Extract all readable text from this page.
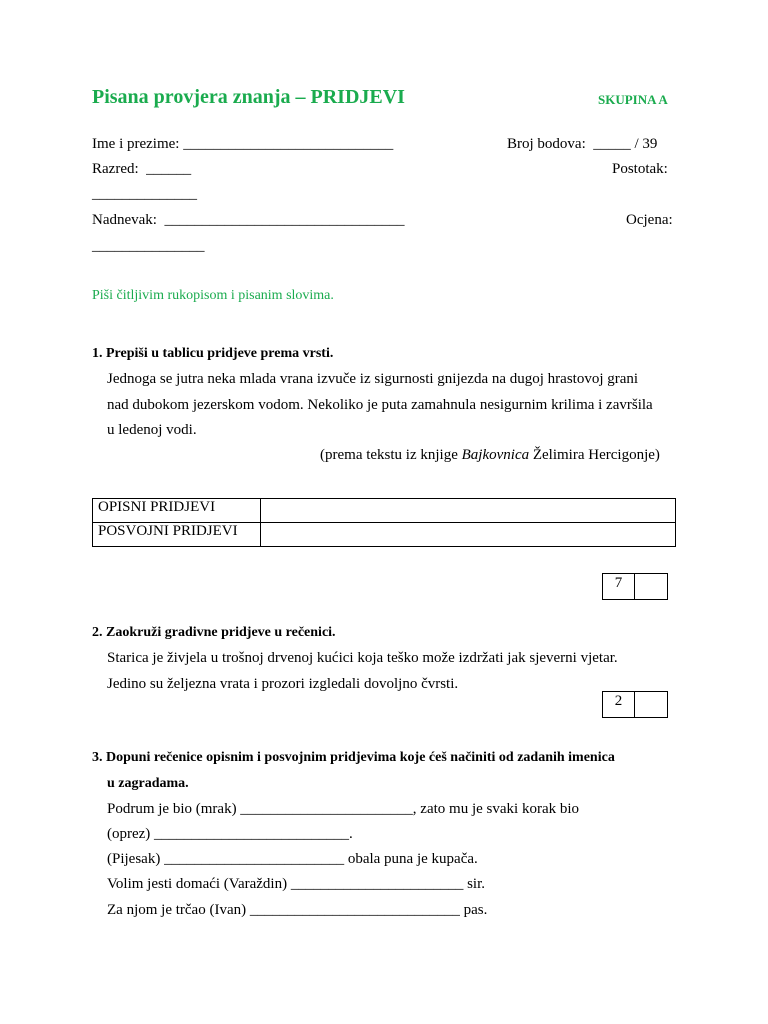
Pisana provjera znanja – PRIDJEVI	SKUPINA A
Ime i prezime: ____________________________	Broj bodova:  _____ / 39
Razred:  ______	Postotak:
______________
Nadnevak:  ________________________________	Ocjena:
_______________
Piši čitljivim rukopisom i pisanim slovima.
1. Prepiši u tablicu pridjeve prema vrsti.
Jednoga se jutra neka mlada vrana izvuče iz sigurnosti gnijezda na dugoj hrastovoj grani
nad dubokom jezerskom vodom. Nekoliko je puta zamahnula nesigurnim krilima i završila
u ledenoj vodi.
(prema tekstu iz knjige Bajkovnica Želimira Hercigonje)
OPISNI PRIDJEVI	
POSVOJNI PRIDJEVI	
7
2. Zaokruži gradivne pridjeve u rečenici.
Starica je živjela u trošnoj drvenoj kućici koja teško može izdržati jak sjeverni vjetar.
Jedino su željezna vrata i prozori izgledali dovoljno čvrsti.
2
3. Dopuni rečenice opisnim i posvojnim pridjevima koje ćeš načiniti od zadanih imenica
u zagradama.
Podrum je bio (mrak) _______________________, zato mu je svaki korak bio
(oprez) __________________________.
(Pijesak) ________________________ obala puna je kupača.
Volim jesti domaći (Varaždin) _______________________ sir.
Za njom je trčao (Ivan) ____________________________ pas.
